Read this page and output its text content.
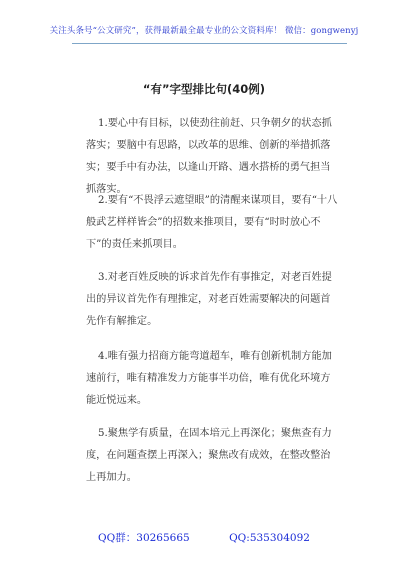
关注头条号“公文研究”，获得最新最全最专业的公文资料库！ 微信：gongwenyj
“有”字型排比句(40例)

1.要心中有目标，以使劲往前赶、只争朝夕的状态抓落实；要脑中有思路，以改革的思维、创新的举措抓落实；要手中有办法，以逢山开路、遇水搭桥的勇气担当抓落实。

2.要有“不畏浮云遮望眼”的清醒来谋项目，要有“十八般武艺样样皆会”的招数来推项目，要有“时时放心不下”的责任来抓项目。

3.对老百姓反映的诉求首先作有事推定，对老百姓提出的异议首先作有理推定，对老百姓需要解决的问题首先作有解推定。

4.唯有强力招商方能弯道超车，唯有创新机制方能加速前行，唯有精准发力方能事半功倍，唯有优化环境方能近悦远来。

5.聚焦学有质量，在固本培元上再深化；聚焦查有力度，在问题查摆上再深入；聚焦改有成效，在整改整治上再加力。

QQ群：30265665	QQ:535304092
